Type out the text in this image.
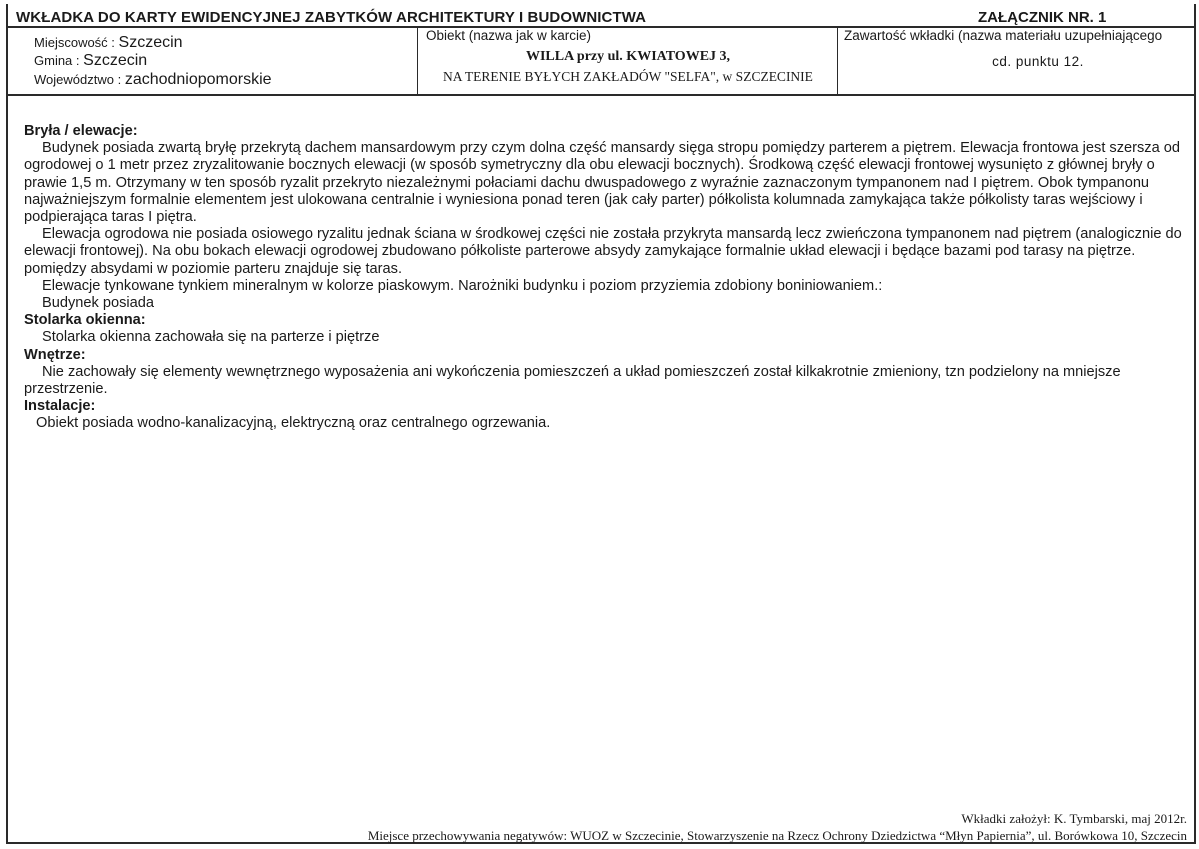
WKŁADKA DO KARTY EWIDENCYJNEJ ZABYTKÓW ARCHITEKTURY I BUDOWNICTWA	ZAŁĄCZNIK NR. 1
Miejscowość : Szczecin
Gmina : Szczecin
Województwo : zachodniopomorskie
Obiekt (nazwa jak w karcie)
WILLA przy ul. KWIATOWEJ 3,
NA TERENIE BYŁYCH ZAKŁADÓW "SELFA", w SZCZECINIE
Zawartość wkładki (nazwa materiału uzupełniającego
cd. punktu 12.

Bryła / elewacje:

Budynek posiada zwartą bryłę przekrytą dachem mansardowym przy czym dolna część mansardy sięga stropu pomiędzy parterem a piętrem. Elewacja frontowa jest szersza od ogrodowej o 1 metr przez zryzalitowanie bocznych elewacji (w sposób symetryczny dla obu elewacji bocznych). Środkową część elewacji frontowej wysunięto z głównej bryły o prawie 1,5 m. Otrzymany w ten sposób ryzalit przekryto niezależnymi połaciami dachu dwuspadowego z wyraźnie zaznaczonym tympanonem nad I piętrem. Obok tympanonu najważniejszym formalnie elementem jest ulokowana centralnie i wyniesiona ponad teren (jak cały parter) półkolista kolumnada zamykająca także półkolisty taras wejściowy i podpierająca taras I piętra.

Elewacja ogrodowa nie posiada osiowego ryzalitu jednak ściana w środkowej części nie została przykryta mansardą lecz zwieńczona tympanonem nad piętrem (analogicznie do elewacji frontowej). Na obu bokach elewacji ogrodowej zbudowano półkoliste parterowe absydy zamykające formalnie układ elewacji i będące bazami pod tarasy na piętrze. pomiędzy absydami w poziomie parteru znajduje się taras.

Elewacje tynkowane tynkiem mineralnym w kolorze piaskowym. Narożniki budynku i poziom przyziemia zdobiony boniniowaniem.:

Budynek posiada

Stolarka okienna:

Stolarka okienna zachowała się na parterze i piętrze

Wnętrze:

Nie zachowały się elementy wewnętrznego wyposażenia ani wykończenia pomieszczeń a układ pomieszczeń został kilkakrotnie zmieniony, tzn podzielony na mniejsze przestrzenie.

Instalacje:

Obiekt posiada wodno-kanalizacyjną, elektryczną oraz centralnego ogrzewania.

Wkładki założył: K. Tymbarski, maj 2012r.
Miejsce przechowywania negatywów: WUOZ w Szczecinie, Stowarzyszenie na Rzecz Ochrony Dziedzictwa “Młyn Papiernia”, ul. Borówkowa 10, Szczecin
